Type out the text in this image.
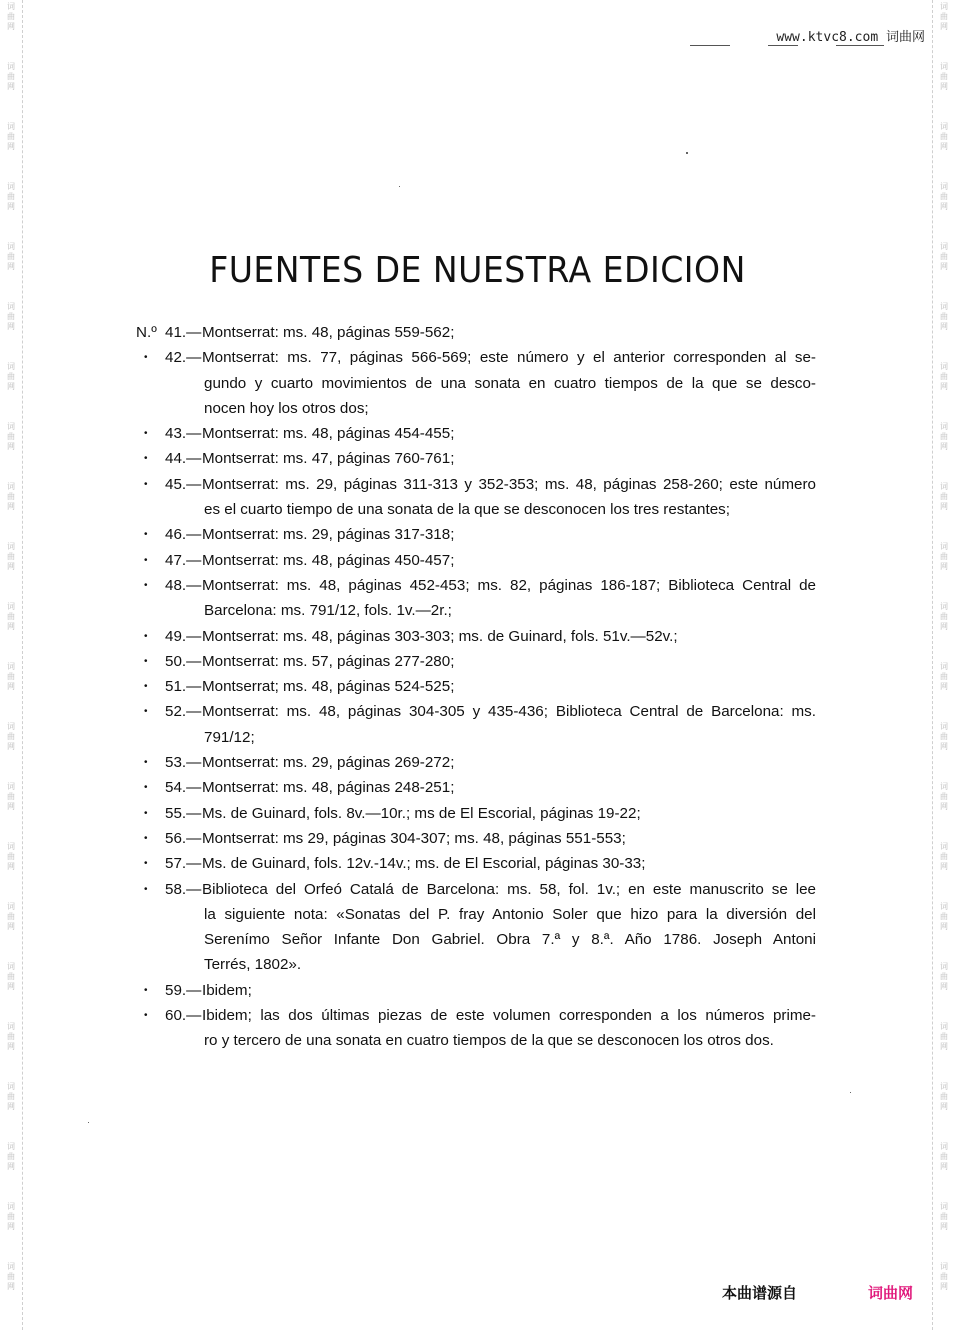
词
曲
网
词
曲
网
词
曲
网
词
曲
网
词
曲
网
词
曲
网
词
曲
网
词
曲
网
词
曲
网
词
曲
网
词
曲
网
词
曲
网
词
曲
网
词
曲
网
词
曲
网
词
曲
网
词
曲
网
词
曲
网
词
曲
网
词
曲
网
词
曲
网
词
曲
网
词
曲
网
词
曲
网
词
曲
网
词
曲
网
词
曲
网
词
曲
网
词
曲
网
词
曲
网
词
曲
网
词
曲
网
词
曲
网
词
曲
网
词
曲
网
词
曲
网
词
曲
网
词
曲
网
词
曲
网
词
曲
网
词
曲
网
词
曲
网
词
曲
网
词
曲
网
www.ktvc8.com 词曲网
FUENTES DE NUESTRA EDICION
N.º 41.— Montserrat: ms. 48, páginas 559-562;
• 42.— Montserrat: ms. 77, páginas 566-569; este número y el anterior corresponden al se-
gundo y cuarto movimientos de una sonata en cuatro tiempos de la que se desco-
nocen hoy los otros dos;
• 43.— Montserrat: ms. 48, páginas 454-455;
• 44.— Montserrat: ms. 47, páginas 760-761;
• 45.— Montserrat: ms. 29, páginas 311-313 y 352-353; ms. 48, páginas 258-260; este número
es el cuarto tiempo de una sonata de la que se desconocen los tres restantes;
• 46.— Montserrat: ms. 29, páginas 317-318;
• 47.— Montserrat: ms. 48, páginas 450-457;
• 48.— Montserrat: ms. 48, páginas 452-453; ms. 82, páginas 186-187; Biblioteca Central de
Barcelona: ms. 791/12, fols. 1v.—2r.;
• 49.— Montserrat: ms. 48, páginas 303-303; ms. de Guinard, fols. 51v.—52v.;
• 50.— Montserrat: ms. 57, páginas 277-280;
• 51.— Montserrat; ms. 48, páginas 524-525;
• 52.— Montserrat: ms. 48, páginas 304-305 y 435-436; Biblioteca Central de Barcelona: ms.
791/12;
• 53.— Montserrat: ms. 29, páginas 269-272;
• 54.— Montserrat: ms. 48, páginas 248-251;
• 55.— Ms. de Guinard, fols. 8v.—10r.; ms de El Escorial, páginas 19-22;
• 56.— Montserrat: ms 29, páginas 304-307; ms. 48, páginas 551-553;
• 57.— Ms. de Guinard, fols. 12v.-14v.; ms. de El Escorial, páginas 30-33;
• 58.— Biblioteca del Orfeó Catalá de Barcelona: ms. 58, fol. 1v.; en este manuscrito se lee
la siguiente nota: «Sonatas del P. fray Antonio Soler que hizo para la diversión del
Serenímo Señor Infante Don Gabriel. Obra 7.ª y 8.ª. Año 1786. Joseph Antoni
Terrés, 1802».
• 59.— Ibidem;
• 60.— Ibidem; las dos últimas piezas de este volumen corresponden a los números prime-
ro y tercero de una sonata en cuatro tiempos de la que se desconocen los otros dos.
本曲谱源自	词曲网
